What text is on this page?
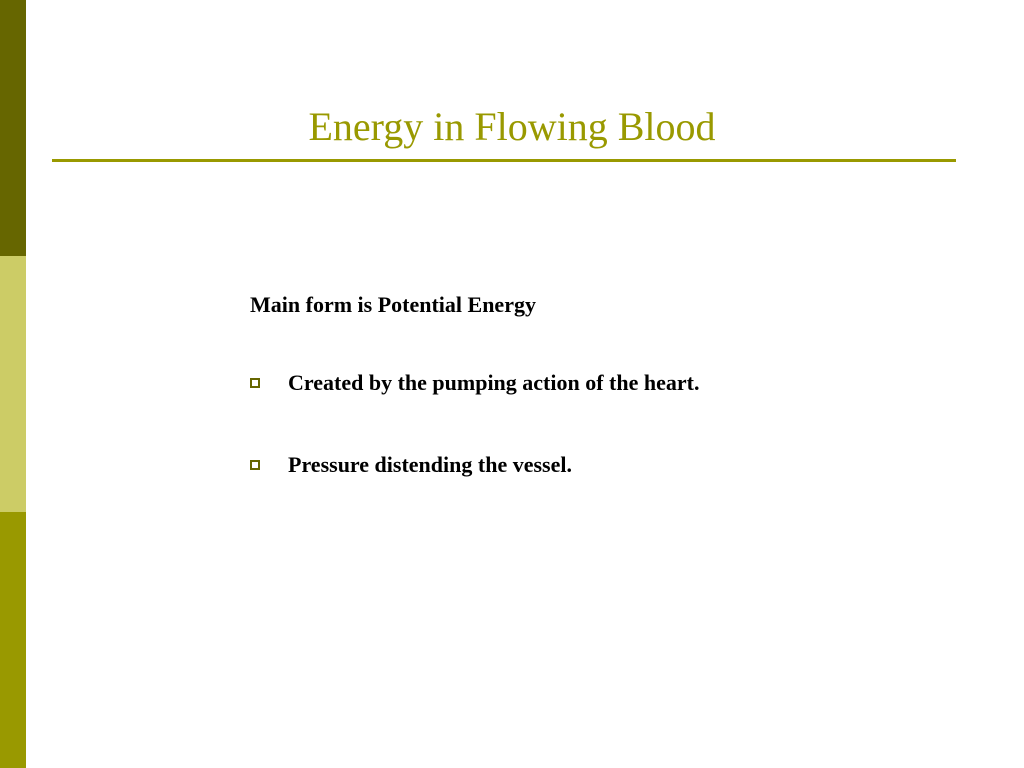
Energy in Flowing Blood

Main form is Potential Energy

Created by the pumping action of the heart.
Pressure distending the vessel.
